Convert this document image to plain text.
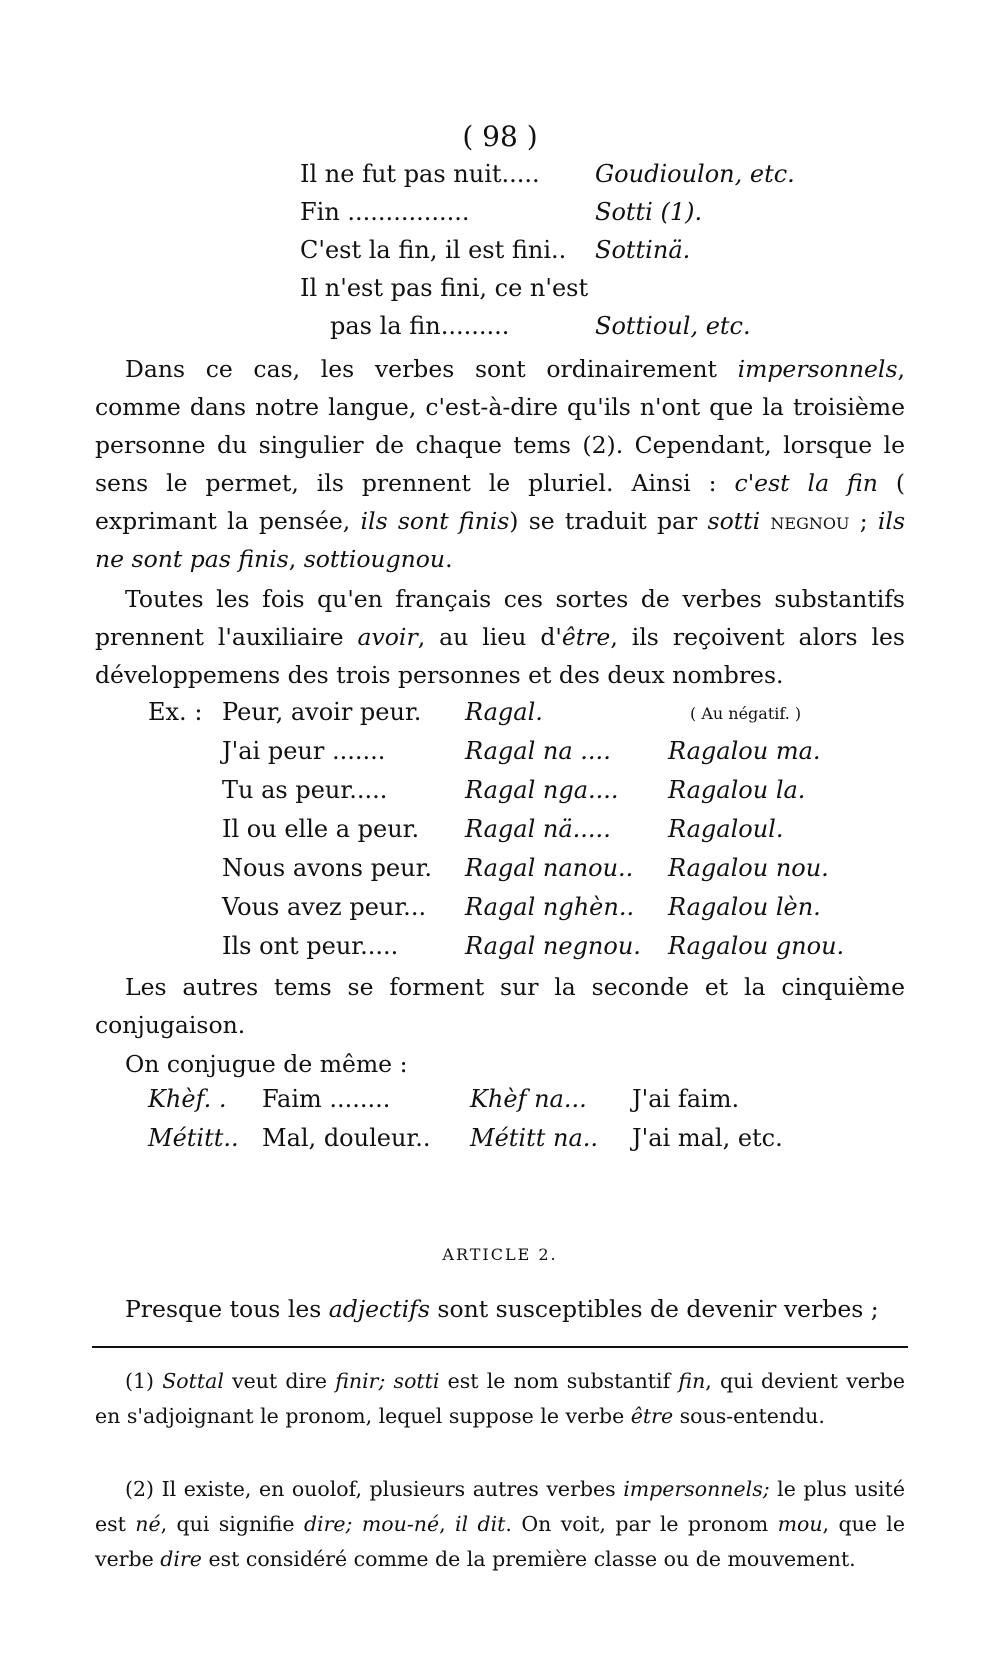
( 98 )
Il ne fut pas nuit..... Goudioulon, etc.
Fin ................	Sotti (1).
C'est la fin, il est fini.. Sottinä.
Il n'est pas fini, ce n'est
pas la fin.........	Sottioul, etc.

Dans ce cas, les verbes sont ordinairement impersonnels, comme dans notre langue, c'est-à-dire qu'ils n'ont que la troisième personne du singulier de chaque tems (2). Cependant, lorsque le sens le permet, ils prennent le pluriel. Ainsi : c'est la fin ( exprimant la pensée, ils sont finis) se traduit par sotti negnou ; ils ne sont pas finis, sottiougnou.

Toutes les fois qu'en français ces sortes de verbes substantifs prennent l'auxiliaire avoir, au lieu d'être, ils reçoivent alors les développemens des trois personnes et des deux nombres.

Ex. : Peur, avoir peur. Ragal.	( Au négatif. )
J'ai peur .......	Ragal na .... Ragalou ma.
Tu as peur.....	Ragal nga.... Ragalou la.
Il ou elle a peur. Ragal nä..... Ragaloul.
Nous avons peur. Ragal nanou.. Ragalou nou.
Vous avez peur... Ragal nghèn.. Ragalou lèn.
Ils ont peur.....	Ragal negnou. Ragalou gnou.

Les autres tems se forment sur la seconde et la cinquième conjugaison.

On conjugue de même :

Khèf. . Faim ........	Khèf na... J'ai faim.
Métitt.. Mal, douleur.. Métitt na.. J'ai mal, etc.
ARTICLE 2.

Presque tous les adjectifs sont susceptibles de devenir verbes ;

(1) Sottal veut dire finir; sotti est le nom substantif fin, qui devient verbe en s'adjoignant le pronom, lequel suppose le verbe être sous-entendu.

(2) Il existe, en ouolof, plusieurs autres verbes impersonnels; le plus usité est né, qui signifie dire; mou-né, il dit. On voit, par le pronom mou, que le verbe dire est considéré comme de la première classe ou de mouvement.
